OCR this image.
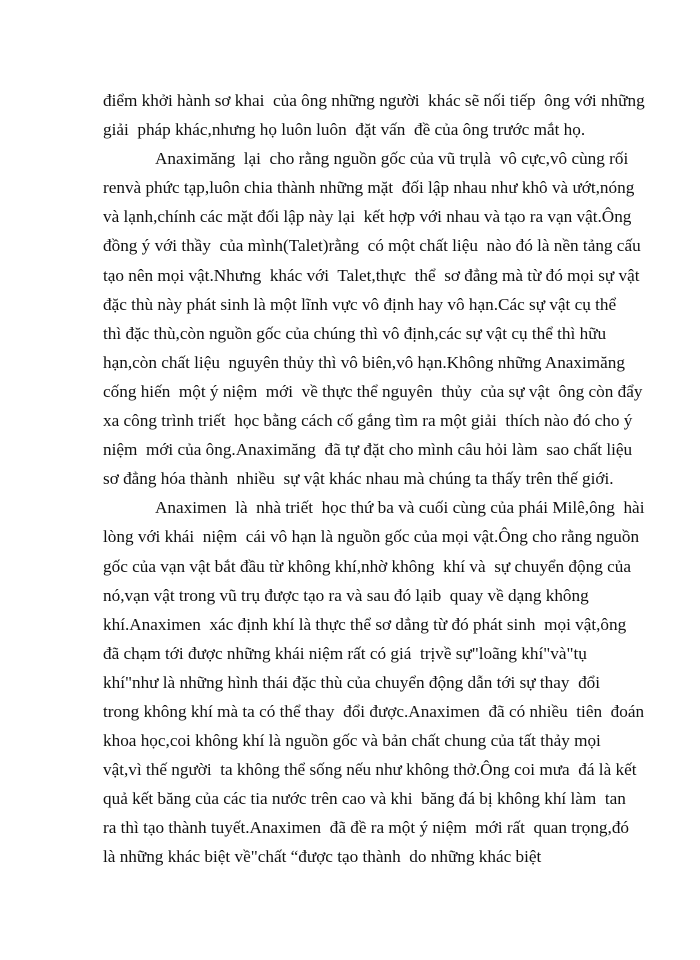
điểm khởi hành sơ khai  của ông những người  khác sẽ nối tiếp  ông với những
giải  pháp khác,nhưng họ luôn luôn  đặt vấn  đề của ông trước mắt họ.
Anaximăng  lại  cho rằng nguồn gốc của vũ trụlà  vô cực,vô cùng rối
renvà phức tạp,luôn chia thành những mặt  đối lập nhau như khô và ướt,nóng
và lạnh,chính các mặt đối lập này lại  kết hợp với nhau và tạo ra vạn vật.Ông
đồng ý với thầy  của mình(Talet)rằng  có một chất liệu  nào đó là nền tảng cấu
tạo nên mọi vật.Nhưng  khác với  Talet,thực  thể  sơ đẳng mà từ đó mọi sự vật
đặc thù này phát sinh là một lĩnh vực vô định hay vô hạn.Các sự vật cụ thể
thì đặc thù,còn nguồn gốc của chúng thì vô định,các sự vật cụ thể thì hữu
hạn,còn chất liệu  nguyên thủy thì vô biên,vô hạn.Không những Anaximăng
cống hiến  một ý niệm  mới  về thực thể nguyên  thủy  của sự vật  ông còn đẩy
xa công trình triết  học bằng cách cố gắng tìm ra một giải  thích nào đó cho ý
niệm  mới của ông.Anaximăng  đã tự đặt cho mình câu hỏi làm  sao chất liệu
sơ đẳng hóa thành  nhiều  sự vật khác nhau mà chúng ta thấy trên thế giới.
Anaximen  là  nhà triết  học thứ ba và cuối cùng của phái Milê,ông  hài
lòng với khái  niệm  cái vô hạn là nguồn gốc của mọi vật.Ông cho rằng nguồn
gốc của vạn vật bắt đầu từ không khí,nhờ không  khí và  sự chuyển động của
nó,vạn vật trong vũ trụ được tạo ra và sau đó lạib  quay về dạng không
khí.Anaximen  xác định khí là thực thể sơ dẳng từ đó phát sinh  mọi vật,ông
đã chạm tới được những khái niệm rất có giá  trịvề sự"loãng khí"và"tụ
khí"như là những hình thái đặc thù của chuyển động dẫn tới sự thay  đổi
trong không khí mà ta có thể thay  đổi được.Anaximen  đã có nhiều  tiên  đoán
khoa học,coi không khí là nguồn gốc và bản chất chung của tất thảy mọi
vật,vì thế người  ta không thể sống nếu như không thở.Ông coi mưa  đá là kết
quả kết băng của các tia nước trên cao và khi  băng đá bị không khí làm  tan
ra thì tạo thành tuyết.Anaximen  đã đề ra một ý niệm  mới rất  quan trọng,đó
là những khác biệt về"chất “được tạo thành  do những khác biệt
